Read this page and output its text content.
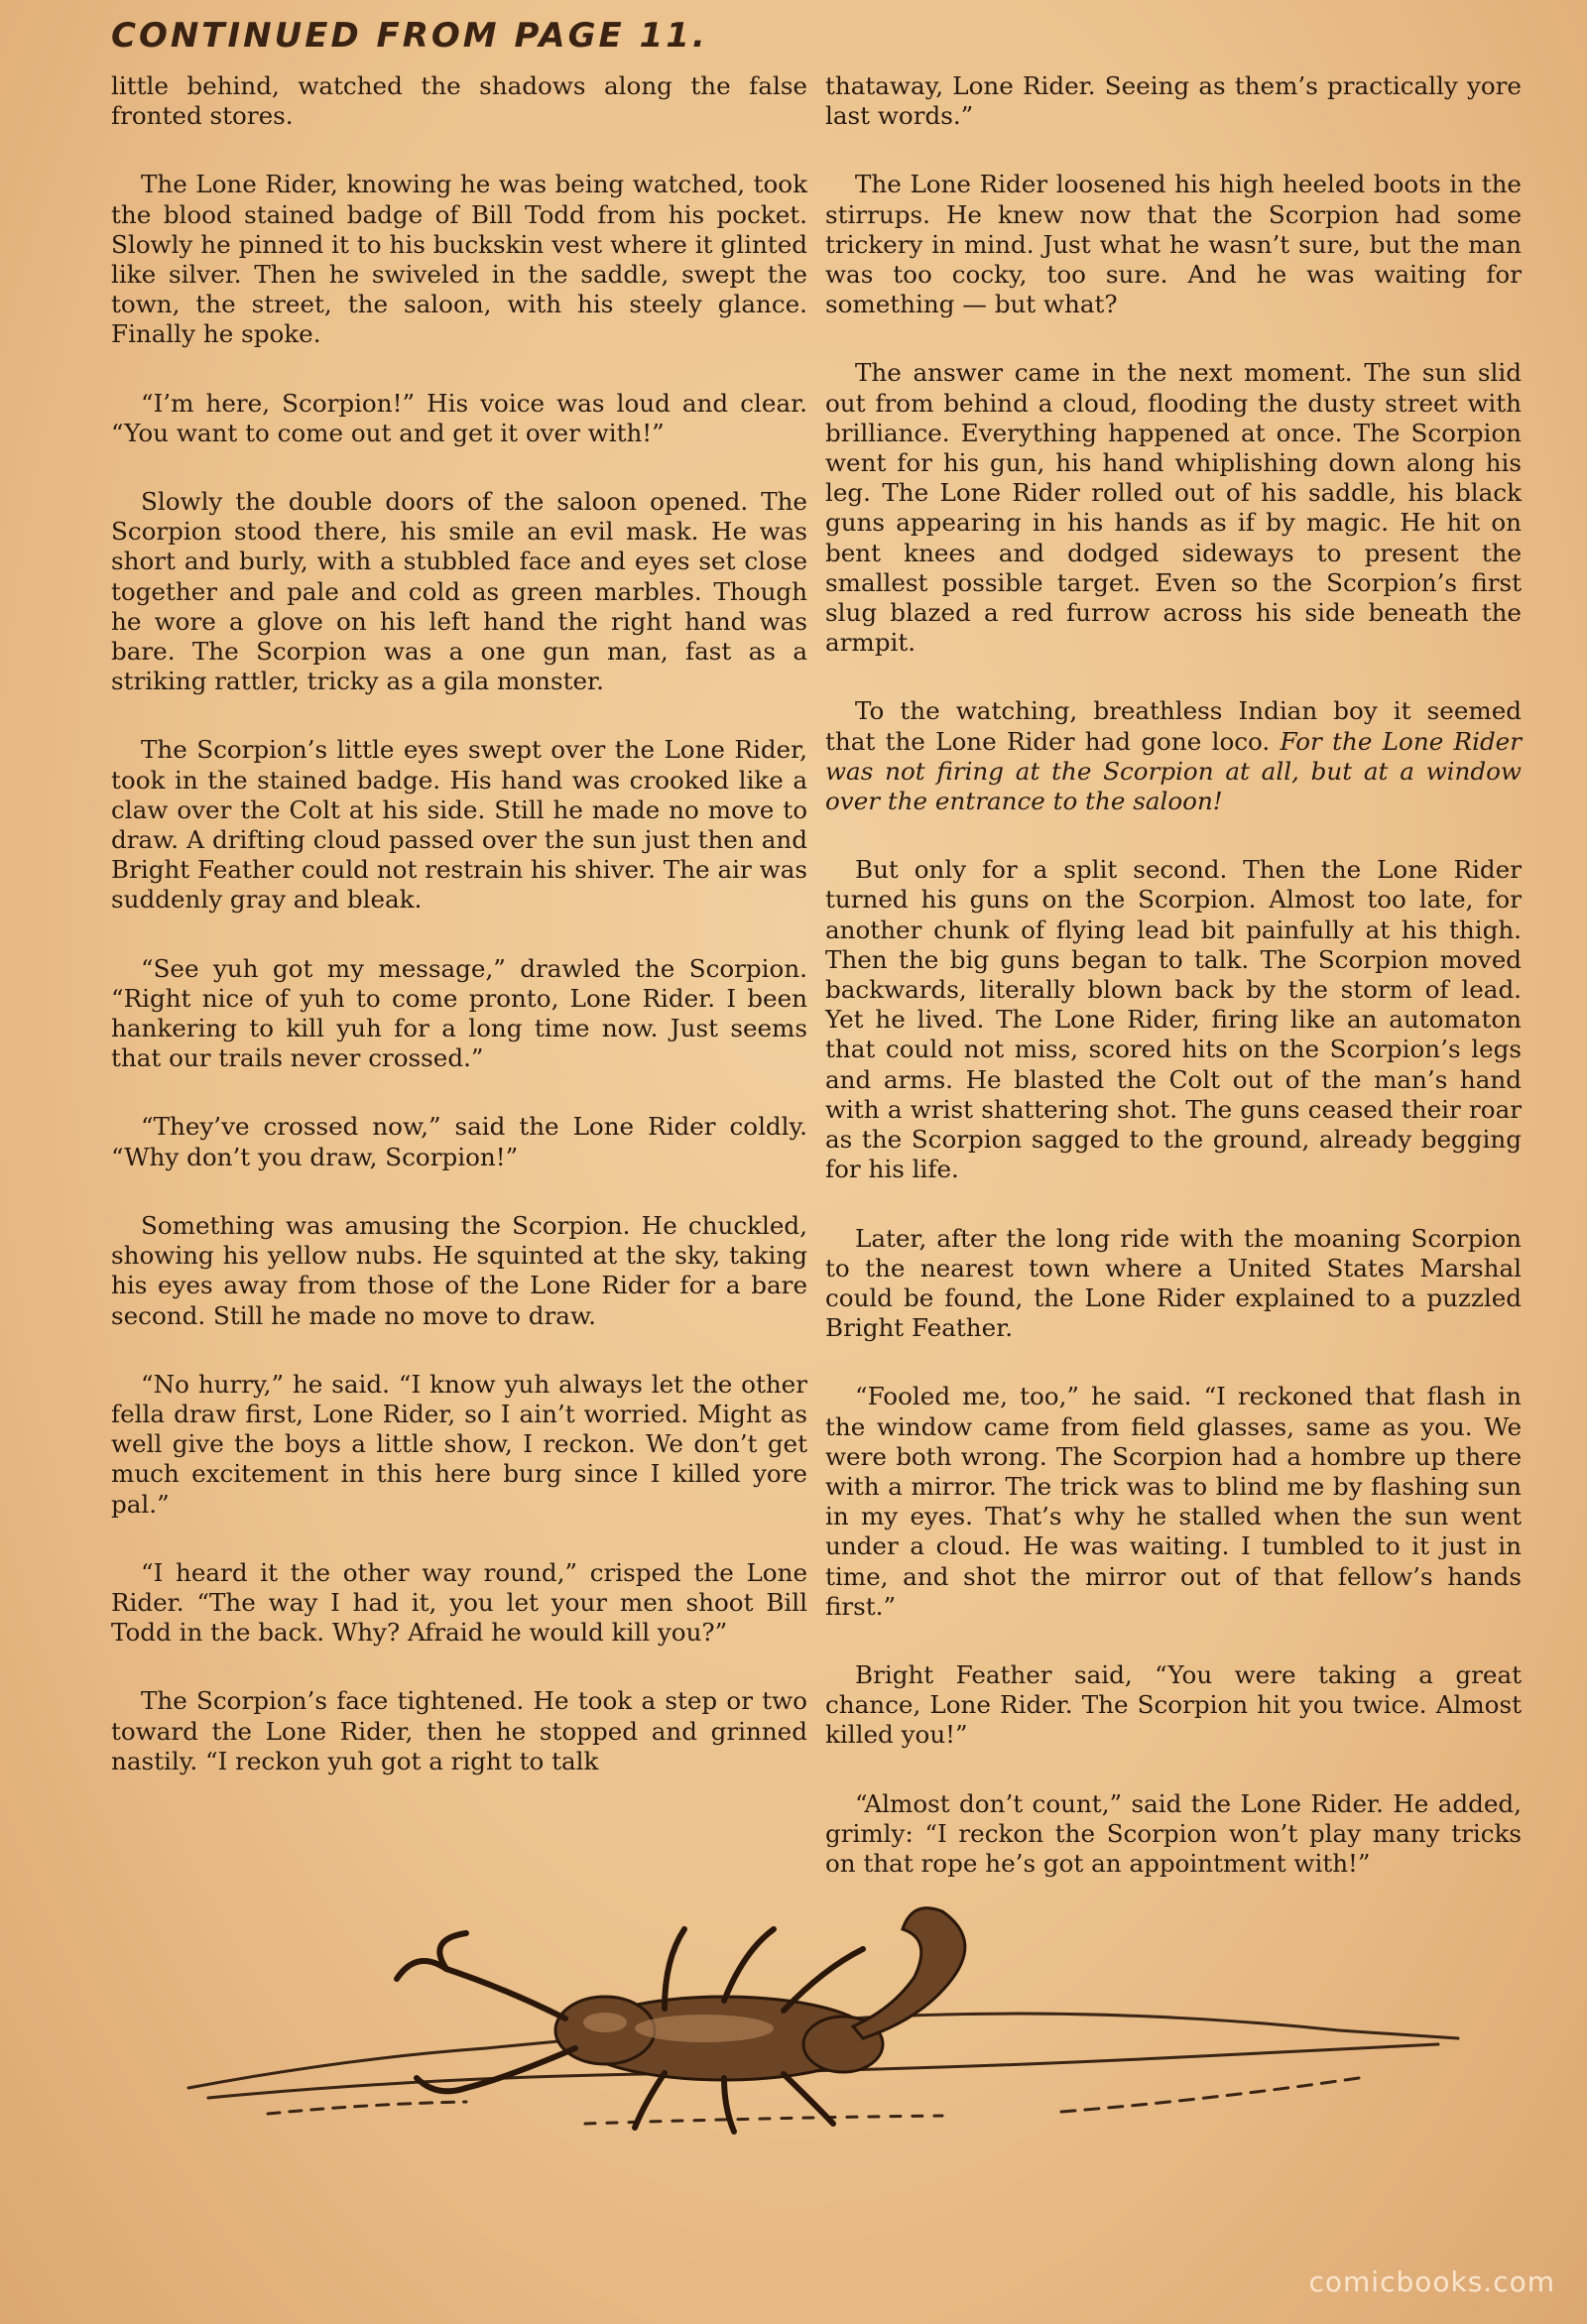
CONTINUED FROM PAGE 11.

little behind, watched the shadows along the false fronted stores.

The Lone Rider, knowing he was being watched, took the blood stained badge of Bill Todd from his pocket. Slowly he pinned it to his buckskin vest where it glinted like silver. Then he swiveled in the saddle, swept the town, the street, the saloon, with his steely glance. Finally he spoke.

“I’m here, Scorpion!” His voice was loud and clear. “You want to come out and get it over with!”

Slowly the double doors of the saloon opened. The Scorpion stood there, his smile an evil mask. He was short and burly, with a stubbled face and eyes set close together and pale and cold as green marbles. Though he wore a glove on his left hand the right hand was bare. The Scorpion was a one gun man, fast as a striking rattler, tricky as a gila monster.

The Scorpion’s little eyes swept over the Lone Rider, took in the stained badge. His hand was crooked like a claw over the Colt at his side. Still he made no move to draw. A drifting cloud passed over the sun just then and Bright Feather could not restrain his shiver. The air was suddenly gray and bleak.

“See yuh got my message,” drawled the Scorpion. “Right nice of yuh to come pronto, Lone Rider. I been hankering to kill yuh for a long time now. Just seems that our trails never crossed.”

“They’ve crossed now,” said the Lone Rider coldly. “Why don’t you draw, Scorpion!”

Something was amusing the Scorpion. He chuckled, showing his yellow nubs. He squinted at the sky, taking his eyes away from those of the Lone Rider for a bare second. Still he made no move to draw.

“No hurry,” he said. “I know yuh always let the other fella draw first, Lone Rider, so I ain’t worried. Might as well give the boys a little show, I reckon. We don’t get much excitement in this here burg since I killed yore pal.”

“I heard it the other way round,” crisped the Lone Rider. “The way I had it, you let your men shoot Bill Todd in the back. Why? Afraid he would kill you?”

The Scorpion’s face tightened. He took a step or two toward the Lone Rider, then he stopped and grinned nastily. “I reckon yuh got a right to talk

thataway, Lone Rider. Seeing as them’s practically yore last words.”

The Lone Rider loosened his high heeled boots in the stirrups. He knew now that the Scorpion had some trickery in mind. Just what he wasn’t sure, but the man was too cocky, too sure. And he was waiting for something — but what?

The answer came in the next moment. The sun slid out from behind a cloud, flooding the dusty street with brilliance. Everything happened at once. The Scorpion went for his gun, his hand whiplishing down along his leg. The Lone Rider rolled out of his saddle, his black guns appearing in his hands as if by magic. He hit on bent knees and dodged sideways to present the smallest possible target. Even so the Scorpion’s first slug blazed a red furrow across his side beneath the armpit.

To the watching, breathless Indian boy it seemed that the Lone Rider had gone loco. For the Lone Rider was not firing at the Scorpion at all, but at a window over the entrance to the saloon!

But only for a split second. Then the Lone Rider turned his guns on the Scorpion. Almost too late, for another chunk of flying lead bit painfully at his thigh. Then the big guns began to talk. The Scorpion moved backwards, literally blown back by the storm of lead. Yet he lived. The Lone Rider, firing like an automaton that could not miss, scored hits on the Scorpion’s legs and arms. He blasted the Colt out of the man’s hand with a wrist shattering shot. The guns ceased their roar as the Scorpion sagged to the ground, already begging for his life.

Later, after the long ride with the moaning Scorpion to the nearest town where a United States Marshal could be found, the Lone Rider explained to a puzzled Bright Feather.

“Fooled me, too,” he said. “I reckoned that flash in the window came from field glasses, same as you. We were both wrong. The Scorpion had a hombre up there with a mirror. The trick was to blind me by flashing sun in my eyes. That’s why he stalled when the sun went under a cloud. He was waiting. I tumbled to it just in time, and shot the mirror out of that fellow’s hands first.”

Bright Feather said, “You were taking a great chance, Lone Rider. The Scorpion hit you twice. Almost killed you!”

“Almost don’t count,” said the Lone Rider. He added, grimly: “I reckon the Scorpion won’t play many tricks on that rope he’s got an appointment with!”

comicbooks.com
